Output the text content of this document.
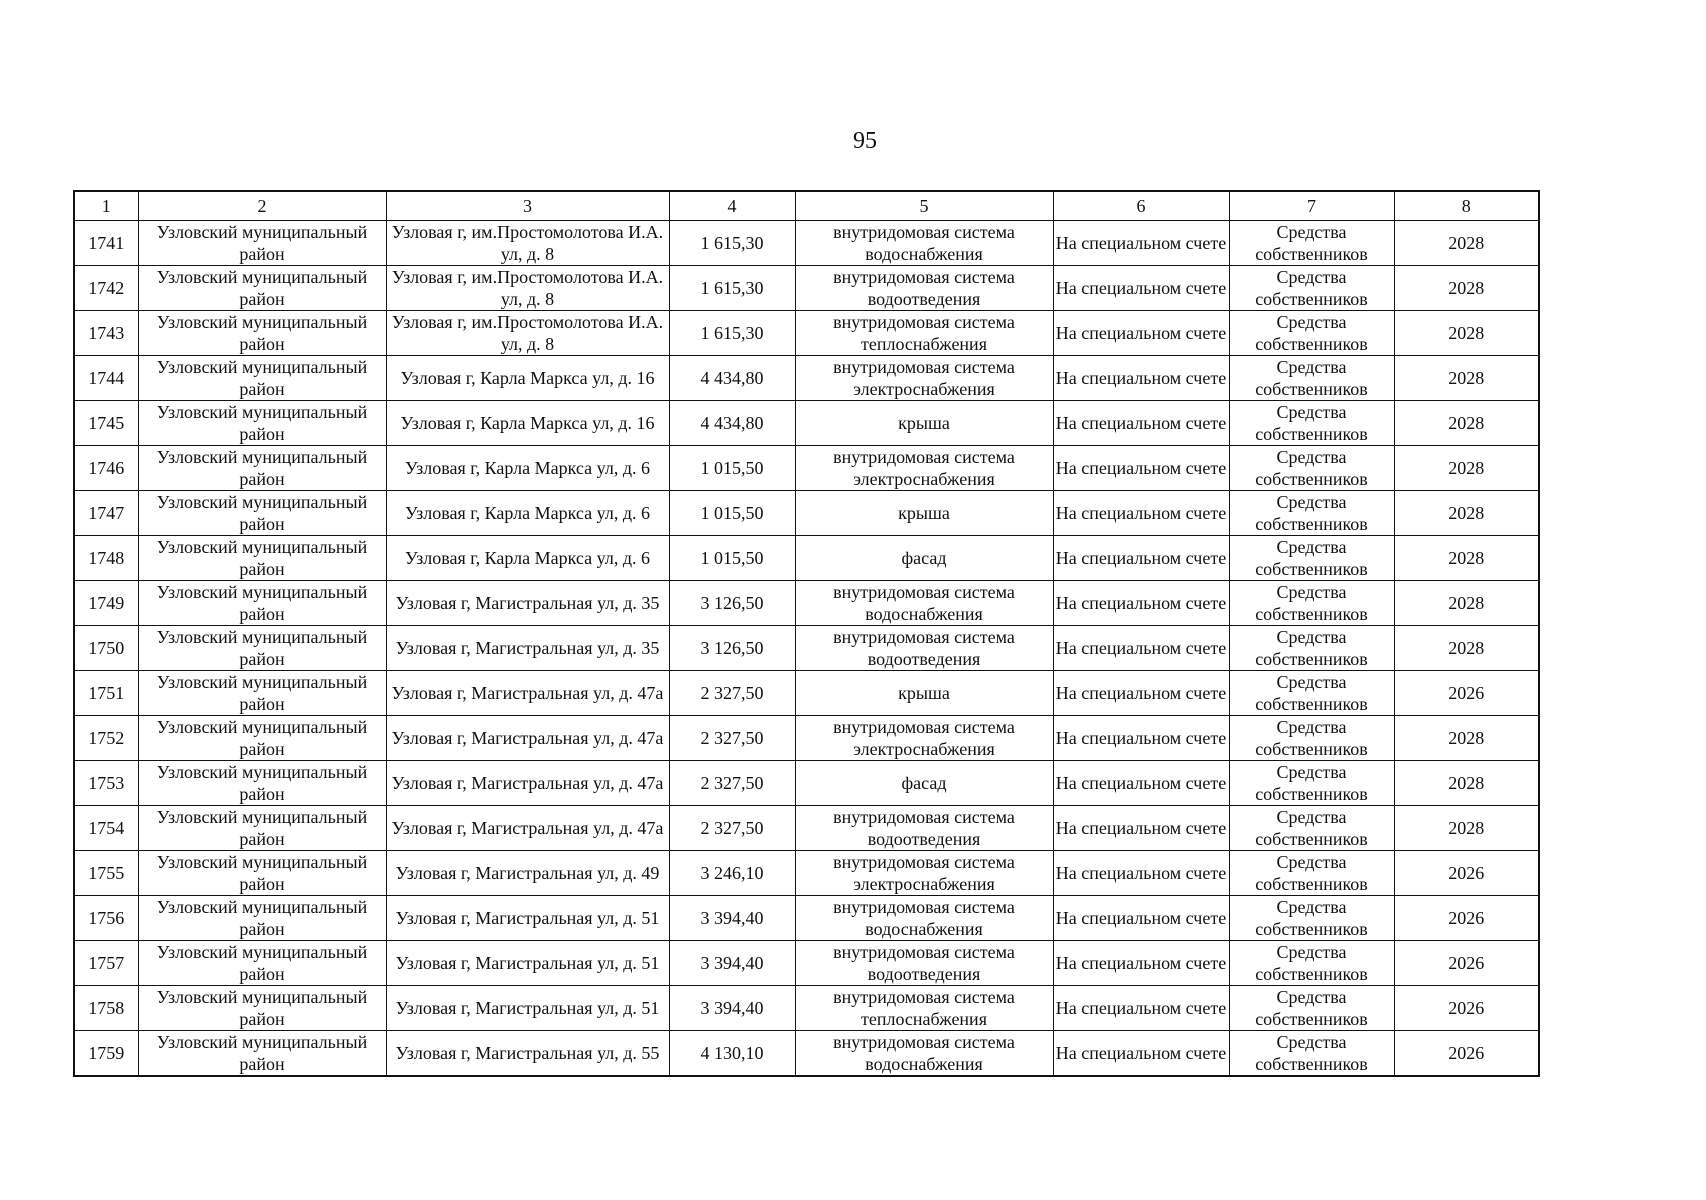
95
1	2	3	4	5	6	7	8
1741	Узловский муниципальный район	Узловая г, им.Простомолотова И.А. ул, д. 8	1 615,30	внутридомовая система водоснабжения	На специальном счете	Средства собственников	2028
1742	Узловский муниципальный район	Узловая г, им.Простомолотова И.А. ул, д. 8	1 615,30	внутридомовая система водоотведения	На специальном счете	Средства собственников	2028
1743	Узловский муниципальный район	Узловая г, им.Простомолотова И.А. ул, д. 8	1 615,30	внутридомовая система теплоснабжения	На специальном счете	Средства собственников	2028
1744	Узловский муниципальный район	Узловая г, Карла Маркса ул, д. 16	4 434,80	внутридомовая система электроснабжения	На специальном счете	Средства собственников	2028
1745	Узловский муниципальный район	Узловая г, Карла Маркса ул, д. 16	4 434,80	крыша	На специальном счете	Средства собственников	2028
1746	Узловский муниципальный район	Узловая г, Карла Маркса ул, д. 6	1 015,50	внутридомовая система электроснабжения	На специальном счете	Средства собственников	2028
1747	Узловский муниципальный район	Узловая г, Карла Маркса ул, д. 6	1 015,50	крыша	На специальном счете	Средства собственников	2028
1748	Узловский муниципальный район	Узловая г, Карла Маркса ул, д. 6	1 015,50	фасад	На специальном счете	Средства собственников	2028
1749	Узловский муниципальный район	Узловая г, Магистральная ул, д. 35	3 126,50	внутридомовая система водоснабжения	На специальном счете	Средства собственников	2028
1750	Узловский муниципальный район	Узловая г, Магистральная ул, д. 35	3 126,50	внутридомовая система водоотведения	На специальном счете	Средства собственников	2028
1751	Узловский муниципальный район	Узловая г, Магистральная ул, д. 47а	2 327,50	крыша	На специальном счете	Средства собственников	2026
1752	Узловский муниципальный район	Узловая г, Магистральная ул, д. 47а	2 327,50	внутридомовая система электроснабжения	На специальном счете	Средства собственников	2028
1753	Узловский муниципальный район	Узловая г, Магистральная ул, д. 47а	2 327,50	фасад	На специальном счете	Средства собственников	2028
1754	Узловский муниципальный район	Узловая г, Магистральная ул, д. 47а	2 327,50	внутридомовая система водоотведения	На специальном счете	Средства собственников	2028
1755	Узловский муниципальный район	Узловая г, Магистральная ул, д. 49	3 246,10	внутридомовая система электроснабжения	На специальном счете	Средства собственников	2026
1756	Узловский муниципальный район	Узловая г, Магистральная ул, д. 51	3 394,40	внутридомовая система водоснабжения	На специальном счете	Средства собственников	2026
1757	Узловский муниципальный район	Узловая г, Магистральная ул, д. 51	3 394,40	внутридомовая система водоотведения	На специальном счете	Средства собственников	2026
1758	Узловский муниципальный район	Узловая г, Магистральная ул, д. 51	3 394,40	внутридомовая система теплоснабжения	На специальном счете	Средства собственников	2026
1759	Узловский муниципальный район	Узловая г, Магистральная ул, д. 55	4 130,10	внутридомовая система водоснабжения	На специальном счете	Средства собственников	2026
